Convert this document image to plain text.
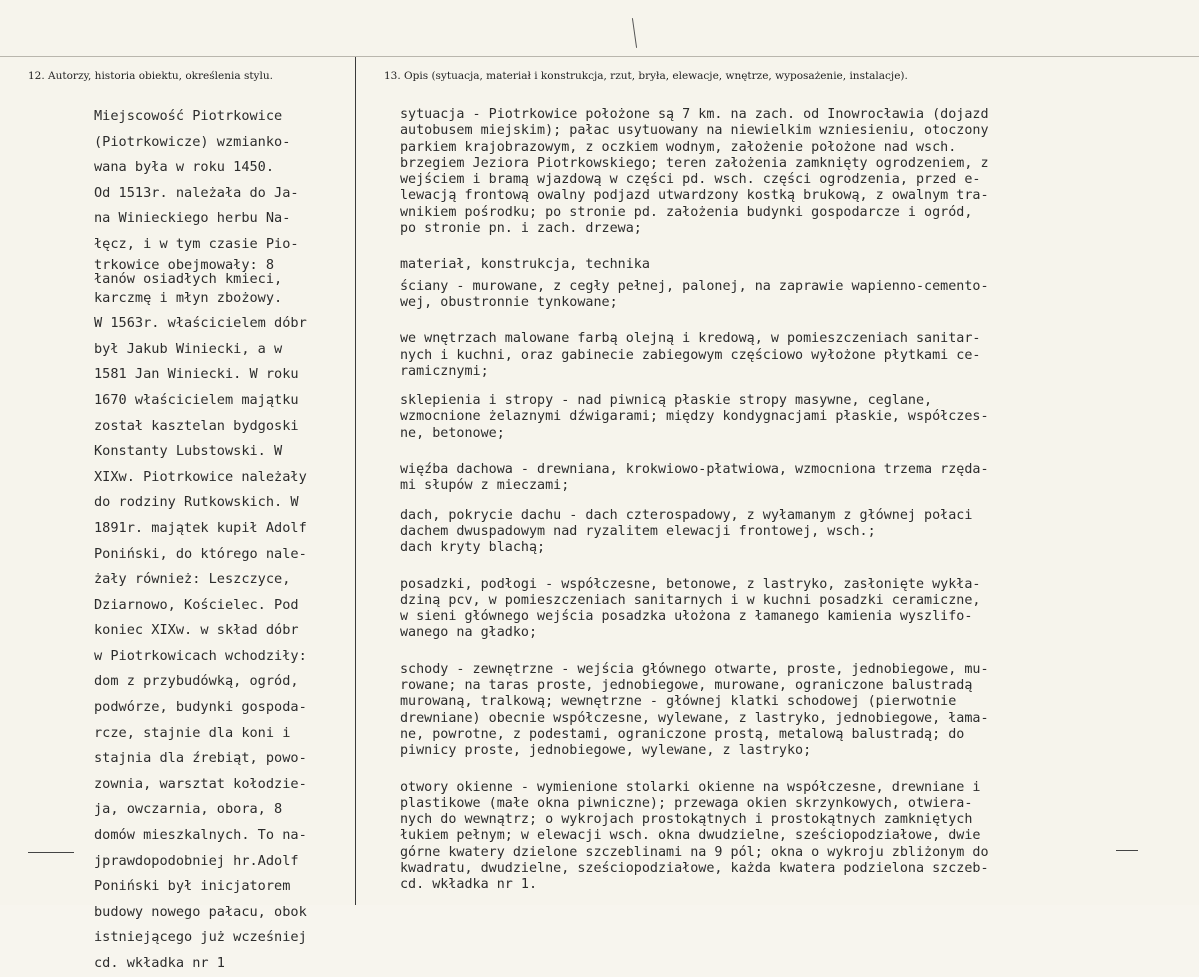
12. Autorzy, historia obiektu, określenia stylu.	13. Opis (sytuacja, materiał i konstrukcja, rzut, bryła, elewacje, wnętrze, wyposażenie, instalacje).
Miejscowość Piotrkowice
(Piotrkowicze) wzmianko-
wana była w roku 1450.
Od 1513r. należała do Ja-
na Winieckiego herbu Na-
łęcz, i w tym czasie Pio-
trkowice obejmowały: 8
łanów osiadłych kmieci,
karczmę i młyn zbożowy.
W 1563r. właścicielem dóbr
był Jakub Winiecki, a w
1581 Jan Winiecki. W roku
1670 właścicielem majątku
został kasztelan bydgoski
Konstanty Lubstowski. W
XIXw. Piotrkowice należały
do rodziny Rutkowskich. W
1891r. majątek kupił Adolf
Poniński, do którego nale-
żały również: Leszczyce,
Dziarnowo, Kościelec. Pod
koniec XIXw. w skład dóbr
w Piotrkowicach wchodziły:
dom z przybudówką, ogród,
podwórze, budynki gospoda-
rcze, stajnie dla koni i
stajnia dla źrebiąt, powo-
zownia, warsztat kołodzie-
ja, owczarnia, obora, 8
domów mieszkalnych. To na-
jprawdopodobniej hr.Adolf
Poniński był inicjatorem
budowy nowego pałacu, obok
istniejącego już wcześniej
cd. wkładka nr 1
sytuacja - Piotrkowice położone są 7 km. na zach. od Inowrocławia (dojazd
autobusem miejskim); pałac usytuowany na niewielkim wzniesieniu, otoczony
parkiem krajobrazowym, z oczkiem wodnym, założenie położone nad wsch.
brzegiem Jeziora Piotrkowskiego; teren założenia zamknięty ogrodzeniem, z
wejściem i bramą wjazdową w części pd. wsch. części ogrodzenia, przed e-
lewacją frontową owalny podjazd utwardzony kostką brukową, z owalnym tra-
wnikiem pośrodku; po stronie pd. założenia budynki gospodarcze i ogród,
po stronie pn. i zach. drzewa;
materiał, konstrukcja, technika
ściany - murowane, z cegły pełnej, palonej, na zaprawie wapienno-cemento-
wej, obustronnie tynkowane;
we wnętrzach malowane farbą olejną i kredową, w pomieszczeniach sanitar-
nych i kuchni, oraz gabinecie zabiegowym częściowo wyłożone płytkami ce-
ramicznymi;
sklepienia i stropy - nad piwnicą płaskie stropy masywne, ceglane,
wzmocnione żelaznymi dźwigarami; między kondygnacjami płaskie, współczes-
ne, betonowe;
więźba dachowa - drewniana, krokwiowo-płatwiowa, wzmocniona trzema rzęda-
mi słupów z mieczami;
dach, pokrycie dachu - dach czterospadowy, z wyłamanym z głównej połaci
dachem dwuspadowym nad ryzalitem elewacji frontowej, wsch.;
dach kryty blachą;
posadzki, podłogi - współczesne, betonowe, z lastryko, zasłonięte wykła-
dziną pcv, w pomieszczeniach sanitarnych i w kuchni posadzki ceramiczne,
w sieni głównego wejścia posadzka ułożona z łamanego kamienia wyszlifo-
wanego na gładko;
schody - zewnętrzne - wejścia głównego otwarte, proste, jednobiegowe, mu-
rowane; na taras proste, jednobiegowe, murowane, ograniczone balustradą
murowaną, tralkową; wewnętrzne - głównej klatki schodowej (pierwotnie
drewniane) obecnie współczesne, wylewane, z lastryko, jednobiegowe, łama-
ne, powrotne, z podestami, ograniczone prostą, metalową balustradą; do
piwnicy proste, jednobiegowe, wylewane, z lastryko;
otwory okienne - wymienione stolarki okienne na współczesne, drewniane i
plastikowe (małe okna piwniczne); przewaga okien skrzynkowych, otwiera-
nych do wewnątrz; o wykrojach prostokątnych i prostokątnych zamkniętych
łukiem pełnym; w elewacji wsch. okna dwudzielne, sześciopodziałowe, dwie
górne kwatery dzielone szczeblinami na 9 pól; okna o wykroju zbliżonym do
kwadratu, dwudzielne, sześciopodziałowe, każda kwatera podzielona szczeb-
cd. wkładka nr 1.
